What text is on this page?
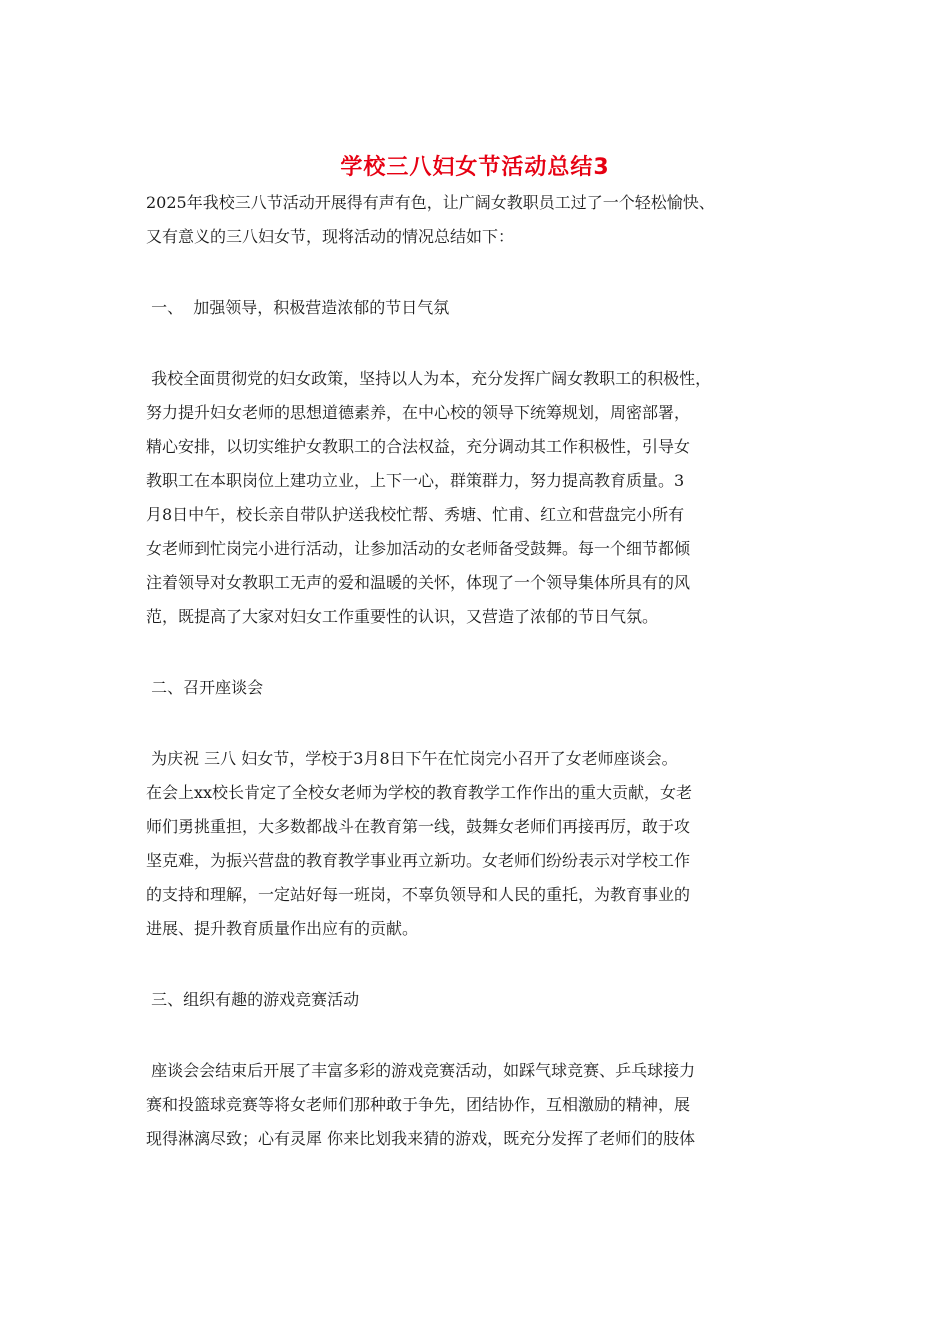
学校三八妇女节活动总结3
2025年我校三八节活动开展得有声有色，让广阔女教职员工过了一个轻松愉快、
又有意义的三八妇女节，现将活动的情况总结如下：
一、  加强领导，积极营造浓郁的节日气氛
我校全面贯彻党的妇女政策，坚持以人为本，充分发挥广阔女教职工的积极性，
努力提升妇女老师的思想道德素养，在中心校的领导下统筹规划，周密部署，
精心安排，以切实维护女教职工的合法权益，充分调动其工作积极性，引导女
教职工在本职岗位上建功立业，上下一心，群策群力，努力提高教育质量。3
月8日中午，校长亲自带队护送我校忙帮、秀塘、忙甫、红立和营盘完小所有
女老师到忙岗完小进行活动，让参加活动的女老师备受鼓舞。每一个细节都倾
注着领导对女教职工无声的爱和温暖的关怀，体现了一个领导集体所具有的风
范，既提高了大家对妇女工作重要性的认识，又营造了浓郁的节日气氛。
二、召开座谈会
为庆祝 三八 妇女节，学校于3月8日下午在忙岗完小召开了女老师座谈会。
在会上xx校长肯定了全校女老师为学校的教育教学工作作出的重大贡献，女老
师们勇挑重担，大多数都战斗在教育第一线，鼓舞女老师们再接再厉，敢于攻
坚克难，为振兴营盘的教育教学事业再立新功。女老师们纷纷表示对学校工作
的支持和理解，一定站好每一班岗，不辜负领导和人民的重托，为教育事业的
进展、提升教育质量作出应有的贡献。
三、组织有趣的游戏竞赛活动
座谈会会结束后开展了丰富多彩的游戏竞赛活动，如踩气球竞赛、乒乓球接力
赛和投篮球竞赛等将女老师们那种敢于争先，团结协作，互相激励的精神，展
现得淋漓尽致；心有灵犀 你来比划我来猜的游戏，既充分发挥了老师们的肢体
